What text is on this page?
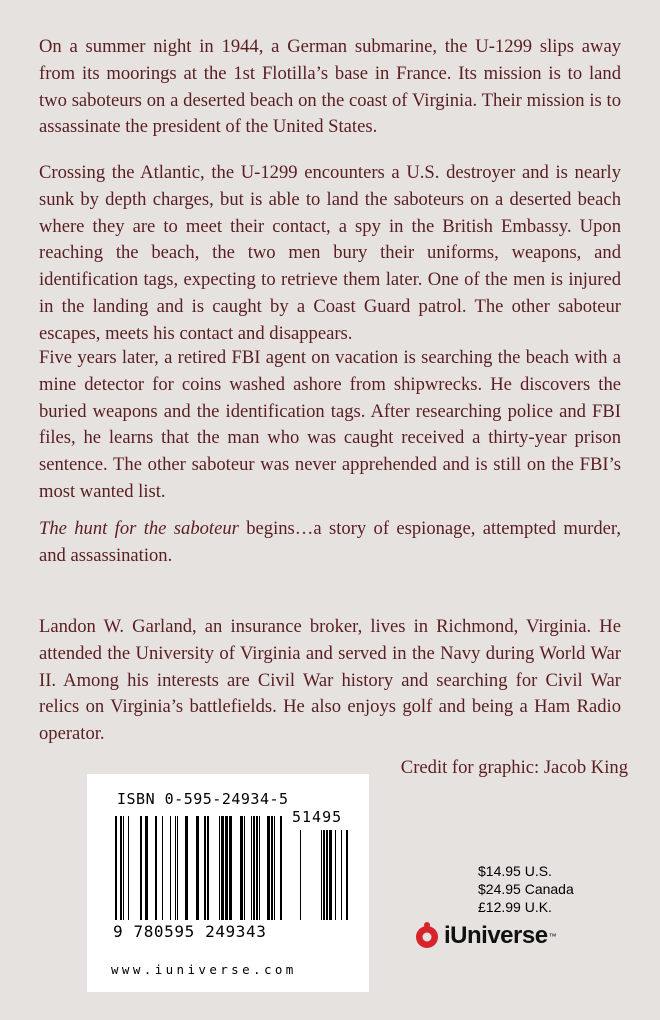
On a summer night in 1944, a German submarine, the U-1299 slips away from its moorings at the 1st Flotilla’s base in France. Its mission is to land two saboteurs on a deserted beach on the coast of Virginia. Their mission is to assassinate the president of the United States.

Crossing the Atlantic, the U-1299 encounters a U.S. destroyer and is nearly sunk by depth charges, but is able to land the saboteurs on a deserted beach where they are to meet their contact, a spy in the British Embassy. Upon reaching the beach, the two men bury their uniforms, weapons, and identification tags, expecting to retrieve them later. One of the men is injured in the landing and is caught by a Coast Guard patrol. The other saboteur escapes, meets his contact and disappears.

Five years later, a retired FBI agent on vacation is searching the beach with a mine detector for coins washed ashore from shipwrecks. He discovers the buried weapons and the identification tags. After researching police and FBI files, he learns that the man who was caught received a thirty-year prison sentence. The other saboteur was never apprehended and is still on the FBI’s most wanted list.

The hunt for the saboteur begins…a story of espionage, attempted murder, and assassination.

Landon W. Garland, an insurance broker, lives in Richmond, Virginia. He attended the University of Virginia and served in the Navy during World War II. Among his interests are Civil War history and searching for Civil War relics on Virginia’s battlefields. He also enjoys golf and being a Ham Radio operator.

Credit for graphic: Jacob King

ISBN 0-595-24934-5
51495
9 780595 249343
www.iuniverse.com
$14.95 U.S.
$24.95 Canada
£12.99 U.K.
iUniverse ™
